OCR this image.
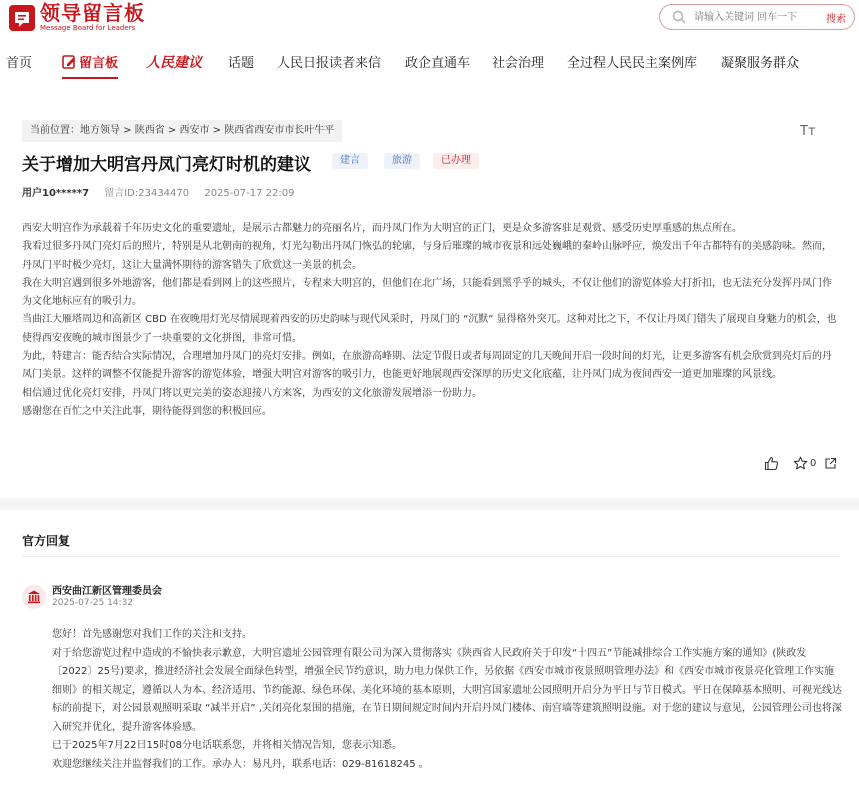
领导留言板
Message Board for Leaders
请输入关键词 回车一下
搜索
首页	留言板 人民建议 话题 人民日报读者来信 政企直通车 社会治理 全过程人民民主案例库 凝聚服务群众
当前位置：地方领导 > 陕西省 > 西安市 > 陕西省西安市市长叶牛平	Tт
关于增加大明宫丹凤门亮灯时机的建议	建言	旅游	已办理
用户10*****7 留言ID:23434470 2025-07-17 22:09

西安大明宫作为承载着千年历史文化的重要遗址，是展示古都魅力的亮丽名片，而丹凤门作为大明宫的正门，更是众多游客驻足观赏、感受历史厚重感的焦点所在。

我看过很多丹凤门亮灯后的照片，特别是从北朝南的视角，灯光勾勒出丹凤门恢弘的轮廓，与身后璀璨的城市夜景和远处巍峨的秦岭山脉呼应，焕发出千年古都特有的美感韵味。然而，丹凤门平时极少亮灯，这让大量满怀期待的游客错失了欣赏这一美景的机会。

我在大明宫遇到很多外地游客，他们都是看到网上的这些照片，专程来大明宫的，但他们在北广场，只能看到黑乎乎的城头，不仅让他们的游览体验大打折扣，也无法充分发挥丹凤门作为文化地标应有的吸引力。

当曲江大雁塔周边和高新区 CBD 在夜晚用灯光尽情展现着西安的历史韵味与现代风采时，丹凤门的 “沉默” 显得格外突兀。这种对比之下，不仅让丹凤门错失了展现自身魅力的机会，也使得西安夜晚的城市图景少了一块重要的文化拼图，非常可惜。

为此，特建言：能否结合实际情况，合理增加丹凤门的亮灯安排。例如，在旅游高峰期、法定节假日或者每周固定的几天晚间开启一段时间的灯光，让更多游客有机会欣赏到亮灯后的丹凤门美景。这样的调整不仅能提升游客的游览体验，增强大明宫对游客的吸引力，也能更好地展现西安深厚的历史文化底蕴，让丹凤门成为夜间西安一道更加璀璨的风景线。

相信通过优化亮灯安排，丹凤门将以更完美的姿态迎接八方来客，为西安的文化旅游发展增添一份助力。

感谢您在百忙之中关注此事，期待能得到您的积极回应。

0
官方回复
西安曲江新区管理委员会
2025-07-25 14:32

您好！首先感谢您对我们工作的关注和支持。

对于给您游览过程中造成的不愉快表示歉意，大明宫遗址公园管理有限公司为深入贯彻落实《陕西省人民政府关于印发“十四五”节能减排综合工作实施方案的通知》(陕政发〔2022〕25号)要求，推进经济社会发展全面绿色转型，增强全民节约意识，助力电力保供工作，另依据《西安市城市夜景照明管理办法》和《西安市城市夜景亮化管理工作实施细则》的相关规定，遵循以人为本、经济适用、节约能源、绿色环保、美化环境的基本原则，大明宫国家遗址公园照明开启分为平日与节日模式。平日在保障基本照明、可视光线达标的前提下，对公园景观照明采取 “减半开启” ,关闭亮化泵围的措施，在节日期间规定时间内开启丹凤门楼体、南宫墙等建筑照明设施。对于您的建议与意见，公园管理公司也将深入研究并优化，提升游客体验感。

已于2025年7月22日15时08分电话联系您，并将相关情况告知，您表示知悉。

欢迎您继续关注并监督我们的工作。承办人：易凡丹，联系电话：029-81618245 。
